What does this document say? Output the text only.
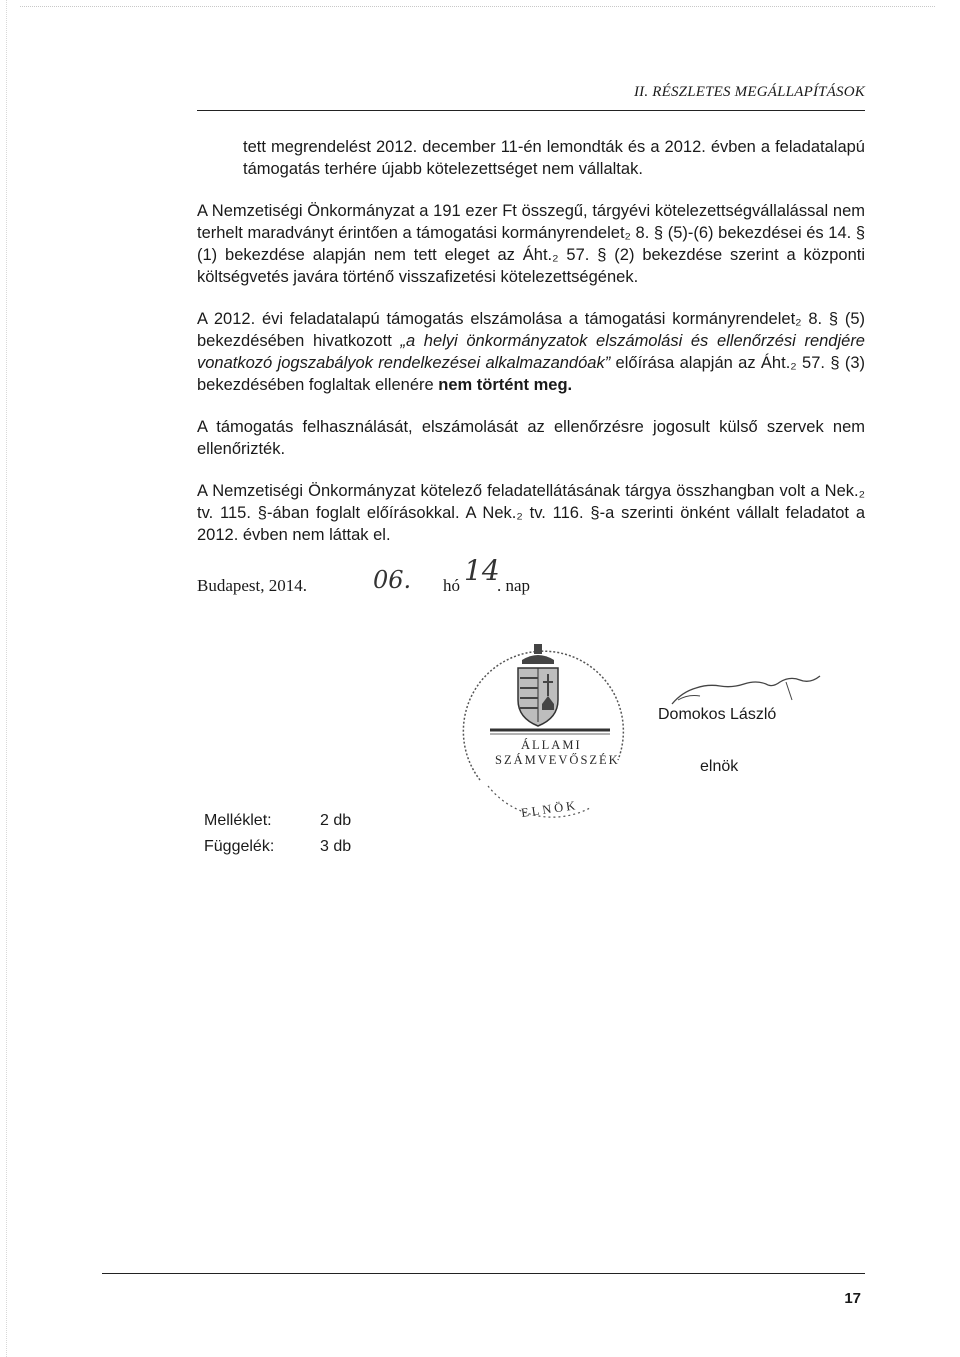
II. RÉSZLETES MEGÁLLAPÍTÁSOK

tett megrendelést 2012. december 11-én lemondták és a 2012. évben a feladatalapú támogatás terhére újabb kötelezettséget nem vállaltak.

A Nemzetiségi Önkormányzat a 191 ezer Ft összegű, tárgyévi kötelezettségvállalással nem terhelt maradványt érintően a támogatási kormányrendelet₂ 8. § (5)-(6) bekezdései és 14. § (1) bekezdése alapján nem tett eleget az Áht.₂ 57. § (2) bekezdése szerint a központi költségvetés javára történő visszafizetési kötelezettségének.

A 2012. évi feladatalapú támogatás elszámolása a támogatási kormányrendelet₂ 8. § (5) bekezdésében hivatkozott „a helyi önkormányzatok elszámolási és ellenőrzési rendjére vonatkozó jogszabályok rendelkezései alkalmazandóak” előírása alapján az Áht.₂ 57. § (3) bekezdésében foglaltak ellenére nem történt meg.

A támogatás felhasználását, elszámolását az ellenőrzésre jogosult külső szervek nem ellenőrizték.

A Nemzetiségi Önkormányzat kötelező feladatellátásának tárgya összhangban volt a Nek.₂ tv. 115. §-ában foglalt előírásokkal. A Nek.₂ tv. 116. §-a szerinti önként vállalt feladatot a 2012. évben nem láttak el.

Budapest, 2014.	06. hó 14
. nap
ÁLLAMI
SZÁMVEVŐSZÉK
ELNÖK
Domokos László
elnök
Melléklet:	2 db
Függelék:	3 db
17
